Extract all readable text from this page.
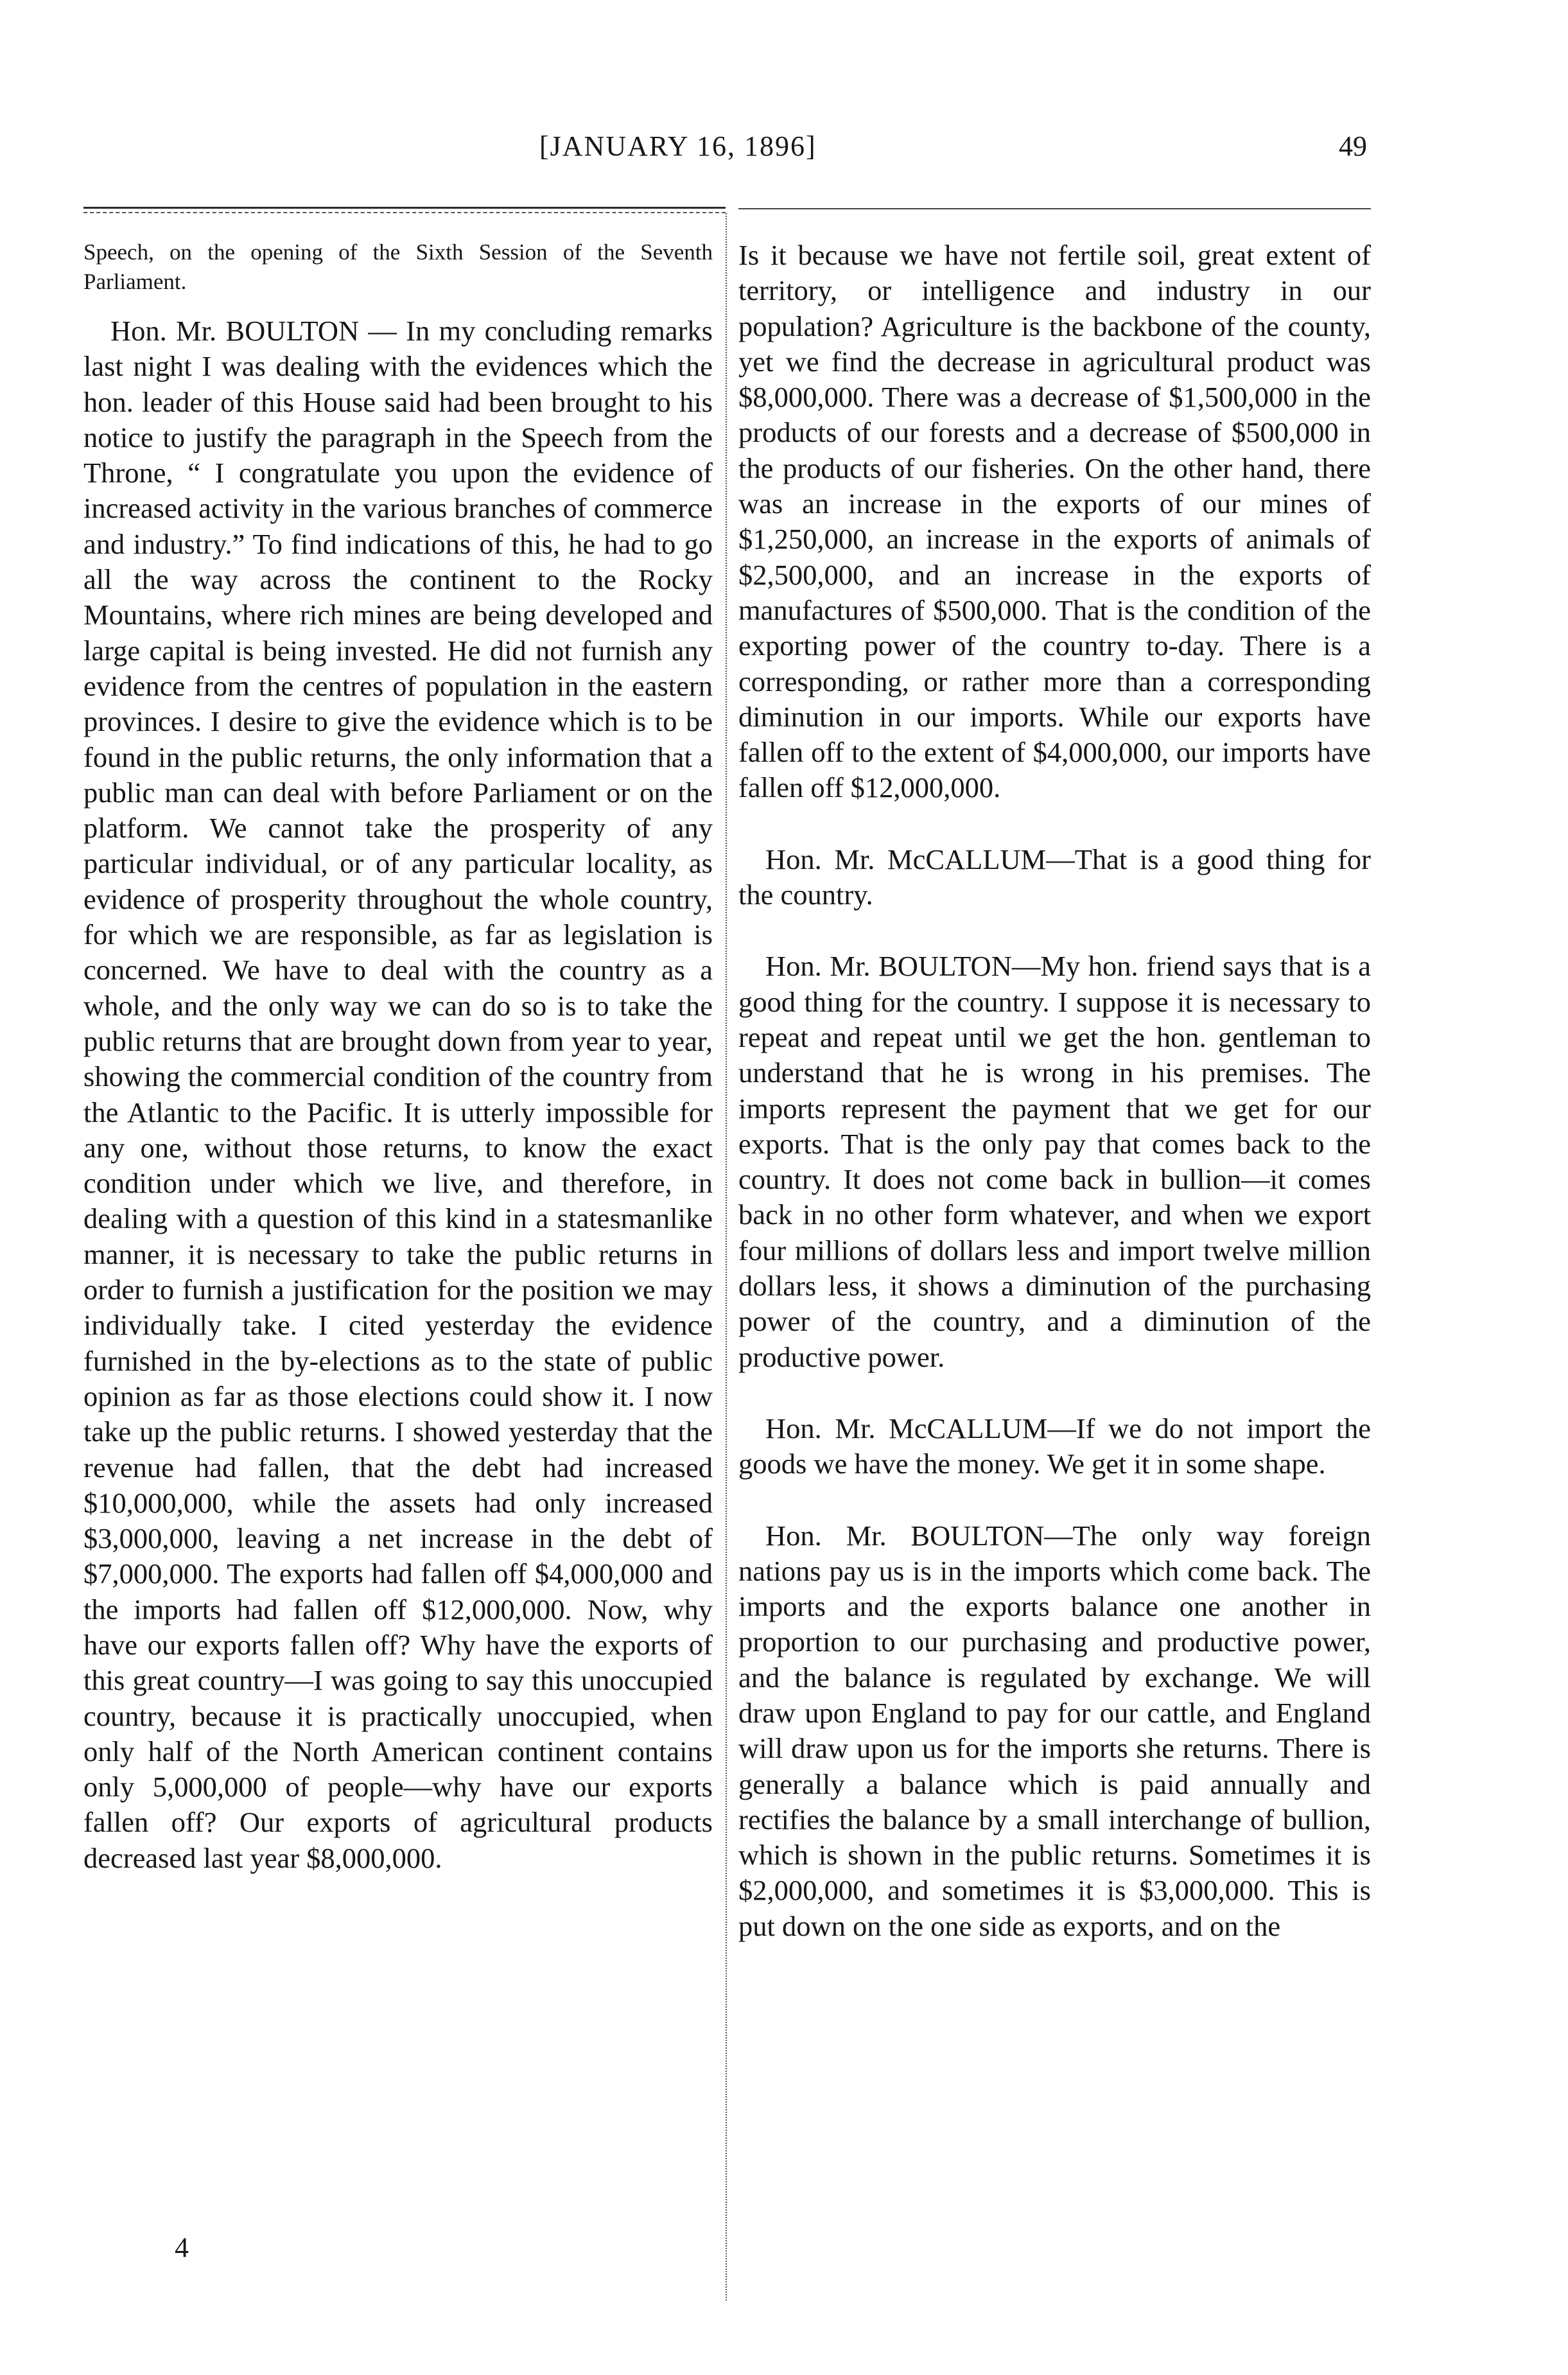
[JANUARY 16, 1896]	49

Speech, on the opening of the Sixth Session of the Seventh Parliament.

Hon. Mr. BOULTON — In my concluding remarks last night I was dealing with the evidences which the hon. leader of this House said had been brought to his notice to justify the paragraph in the Speech from the Throne, “ I congratulate you upon the evidence of increased activity in the various branches of commerce and industry.” To find indications of this, he had to go all the way across the continent to the Rocky Mountains, where rich mines are being developed and large capital is being invested. He did not furnish any evidence from the centres of population in the eastern provinces. I desire to give the evidence which is to be found in the public returns, the only information that a public man can deal with before Parliament or on the platform. We cannot take the prosperity of any particular individual, or of any particular locality, as evidence of prosperity throughout the whole country, for which we are responsible, as far as legislation is concerned. We have to deal with the country as a whole, and the only way we can do so is to take the public returns that are brought down from year to year, showing the commercial condition of the country from the Atlantic to the Pacific. It is utterly impossible for any one, without those returns, to know the exact condition under which we live, and therefore, in dealing with a question of this kind in a statesmanlike manner, it is necessary to take the public returns in order to furnish a justification for the position we may individually take. I cited yesterday the evidence furnished in the by-elections as to the state of public opinion as far as those elections could show it. I now take up the public returns. I showed yesterday that the revenue had fallen, that the debt had increased $10,000,000, while the assets had only increased $3,000,000, leaving a net increase in the debt of $7,000,000. The exports had fallen off $4,000,000 and the imports had fallen off $12,000,000. Now, why have our exports fallen off? Why have the exports of this great country—I was going to say this unoccupied country, because it is practically unoccupied, when only half of the North American continent contains only 5,000,000 of people—why have our exports fallen off? Our exports of agricultural products decreased last year $8,000,000.

Is it because we have not fertile soil, great extent of territory, or intelligence and industry in our population? Agriculture is the backbone of the county, yet we find the decrease in agricultural product was $8,000,000. There was a decrease of $1,500,000 in the products of our forests and a decrease of $500,000 in the products of our fisheries. On the other hand, there was an increase in the exports of our mines of $1,250,000, an increase in the exports of animals of $2,500,000, and an increase in the exports of manufactures of $500,000. That is the condition of the exporting power of the country to-day. There is a corresponding, or rather more than a corresponding diminution in our imports. While our exports have fallen off to the extent of $4,000,000, our imports have fallen off $12,000,000.

Hon. Mr. McCALLUM—That is a good thing for the country.

Hon. Mr. BOULTON—My hon. friend says that is a good thing for the country. I suppose it is necessary to repeat and repeat until we get the hon. gentleman to understand that he is wrong in his premises. The imports represent the payment that we get for our exports. That is the only pay that comes back to the country. It does not come back in bullion—it comes back in no other form whatever, and when we export four millions of dollars less and import twelve million dollars less, it shows a diminution of the purchasing power of the country, and a diminution of the productive power.

Hon. Mr. McCALLUM—If we do not import the goods we have the money. We get it in some shape.

Hon. Mr. BOULTON—The only way foreign nations pay us is in the imports which come back. The imports and the exports balance one another in proportion to our purchasing and productive power, and the balance is regulated by exchange. We will draw upon England to pay for our cattle, and England will draw upon us for the imports she returns. There is generally a balance which is paid annually and rectifies the balance by a small interchange of bullion, which is shown in the public returns. Sometimes it is $2,000,000, and sometimes it is $3,000,000. This is put down on the one side as exports, and on the

4
